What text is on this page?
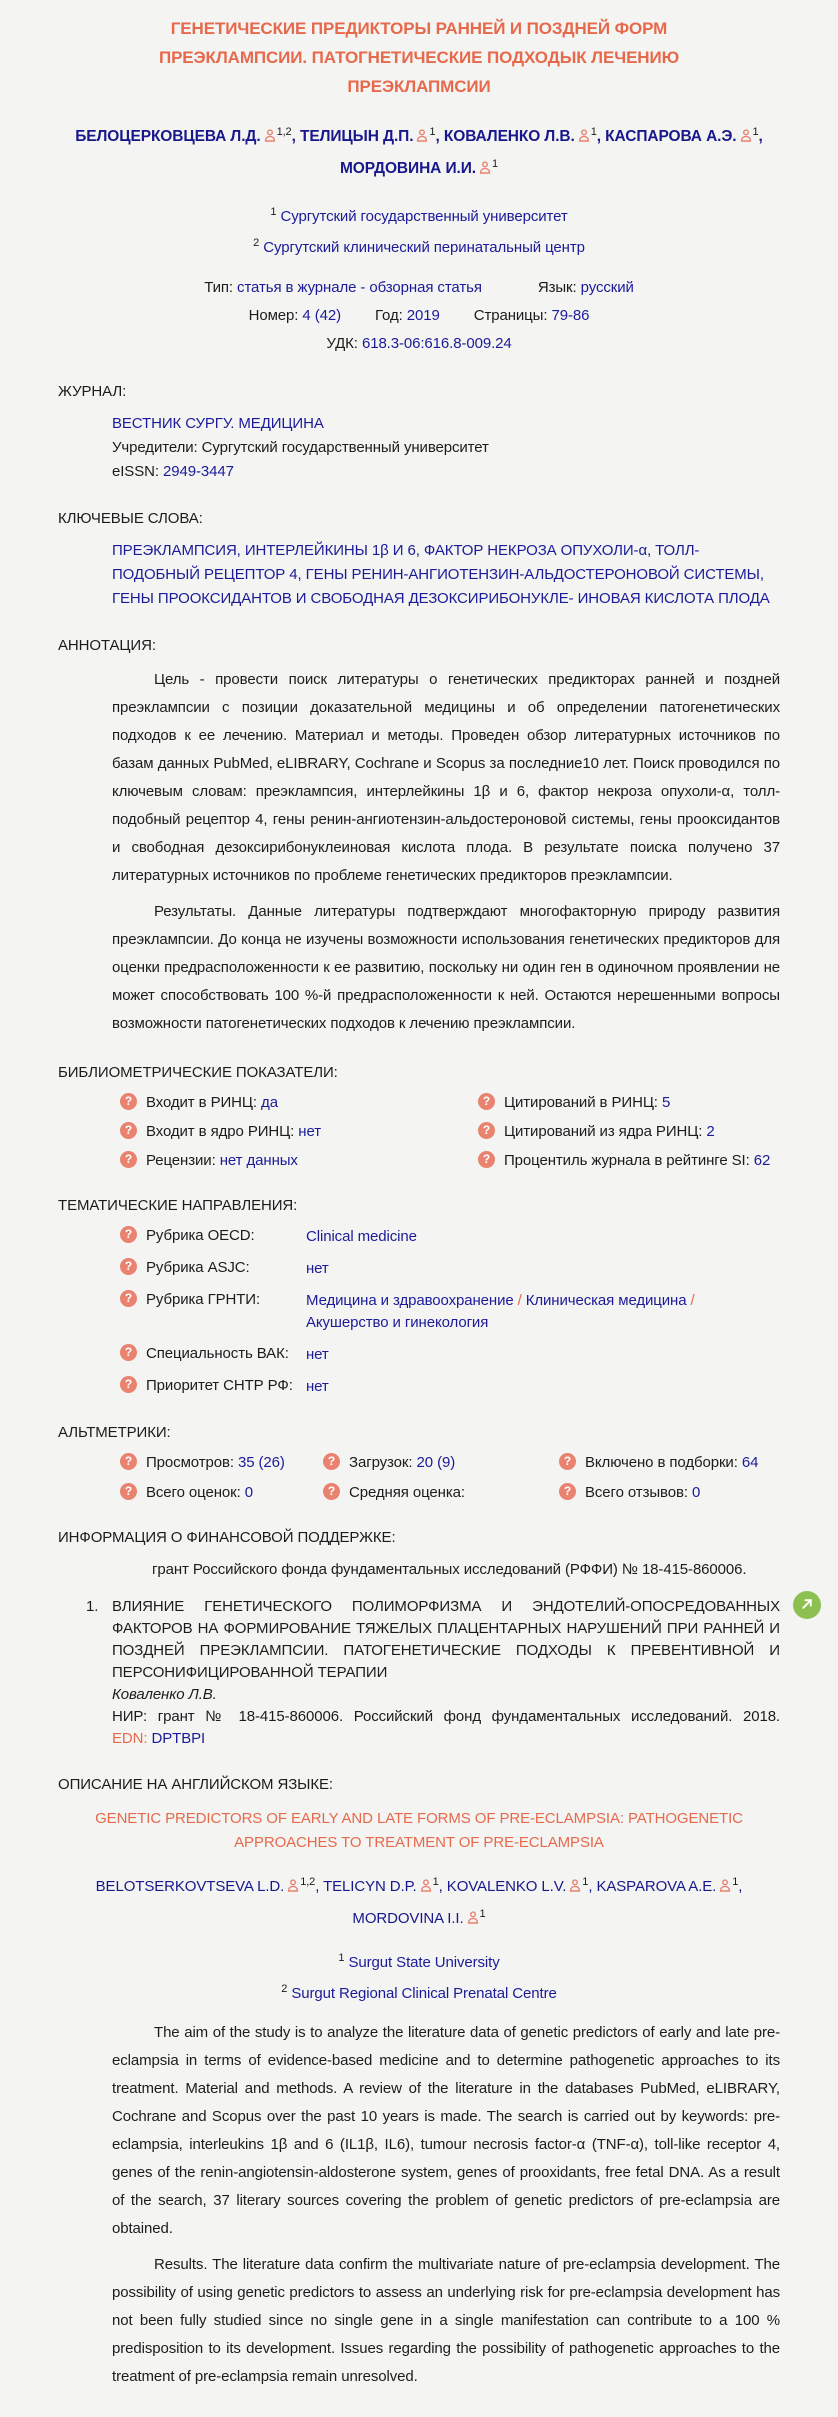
ГЕНЕТИЧЕСКИЕ ПРЕДИКТОРЫ РАННЕЙ И ПОЗДНЕЙ ФОРМ ПРЕЭКЛАМПСИИ. ПАТОГНЕТИЧЕСКИЕ ПОДХОДЫК ЛЕЧЕНИЮ ПРЕЭКЛАПМСИИ
БЕЛОЦЕРКОВЦЕВА Л.Д. $^{1,2}$, ТЕЛИЦЫН Д.П. $^1$, КОВАЛЕНКО Л.В. $^1$, КАСПАРОВА А.Э. $^1$, МОРДОВИНА И.И. $^1$
$^1$ Сургутский государственный университет
$^2$ Сургутский клинический перинатальный центр
Тип: статья в журнале - обзорная статья	Язык: русский
Номер: 4 (42) Год: 2019 Страницы: 79-86
УДК: 618.3-06:616.8-009.24
ЖУРНАЛ:
ВЕСТНИК СУРГУ. МЕДИЦИНА
Учредители: Сургутский государственный университет
eISSN: 2949-3447
КЛЮЧЕВЫЕ СЛОВА:
ПРЕЭКЛАМПСИЯ, ИНТЕРЛЕЙКИНЫ 1β И 6, ФАКТОР НЕКРОЗА ОПУХОЛИ-α, ТОЛЛ-ПОДОБНЫЙ РЕЦЕПТОР 4, ГЕНЫ РЕНИН-АНГИОТЕНЗИН-АЛЬДОСТЕРОНОВОЙ СИСТЕМЫ, ГЕНЫ ПРООКСИДАНТОВ И СВОБОДНАЯ ДЕЗОКСИРИБОНУКЛЕ- ИНОВАЯ КИСЛОТА ПЛОДА
АННОТАЦИЯ:

Цель - провести поиск литературы о генетических предикторах ранней и поздней преэклампсии с позиции доказательной медицины и об определении патогенетических подходов к ее лечению. Материал и методы. Проведен обзор литературных источников по базам данных PubMed, eLIBRARY, Cochrane и Scopus за последние10 лет. Поиск проводился по ключевым словам: преэклампсия, интерлейкины 1β и 6, фактор некроза опухоли-α, толл-подобный рецептор 4, гены ренин-ангиотензин-альдостероновой системы, гены прооксидантов и свободная дезоксирибонуклеиновая кислота плода. В результате поиска получено 37 литературных источников по проблеме генетических предикторов преэклампсии.

Результаты. Данные литературы подтверждают многофакторную природу развития преэклампсии. До конца не изучены возможности использования генетических предикторов для оценки предрасположенности к ее развитию, поскольку ни один ген в одиночном проявлении не может способствовать 100 %-й предрасположенности к ней. Остаются нерешенными вопросы возможности патогенетических подходов к лечению преэклампсии.

БИБЛИОМЕТРИЧЕСКИЕ ПОКАЗАТЕЛИ:
? Входит в РИНЦ: да	? Цитирований в РИНЦ: 5
? Входит в ядро РИНЦ: нет	? Цитирований из ядра РИНЦ: 2
? Рецензии: нет данных	? Процентиль журнала в рейтинге SI: 62
ТЕМАТИЧЕСКИЕ НАПРАВЛЕНИЯ:
? Рубрика OECD:	Clinical medicine
? Рубрика ASJC:	нет
? Рубрика ГРНТИ:	Медицина и здравоохранение / Клиническая медицина /Акушерство и гинекология
? Специальность ВАК:	нет
? Приоритет СНТР РФ: нет
АЛЬТМЕТРИКИ:
? Просмотров: 35 (26)	? Загрузок: 20 (9)	? Включено в подборки: 64
? Всего оценок: 0	? Средняя оценка:	? Всего отзывов: 0
ИНФОРМАЦИЯ О ФИНАНСОВОЙ ПОДДЕРЖКЕ:
грант Российского фонда фундаментальных исследований (РФФИ) № 18-415-860006.
1. ВЛИЯНИЕ ГЕНЕТИЧЕСКОГО ПОЛИМОРФИЗМА И ЭНДОТЕЛИЙ-ОПОСРЕДОВАННЫХ ФАКТОРОВ НА ФОРМИРОВАНИЕ ТЯЖЕЛЫХ ПЛАЦЕНТАРНЫХ НАРУШЕНИЙ ПРИ РАННЕЙ И ПОЗДНЕЙ ПРЕЭКЛАМПСИИ. ПАТОГЕНЕТИЧЕСКИЕ ПОДХОДЫ К ПРЕВЕНТИВНОЙ И ПЕРСОНИФИЦИРОВАННОЙ ТЕРАПИИ

Коваленко Л.В.
НИР: грант № 18-415-860006. Российский фонд фундаментальных исследований. 2018.
EDN: DPTBPI
ОПИСАНИЕ НА АНГЛИЙСКОМ ЯЗЫКЕ:
GENETIC PREDICTORS OF EARLY AND LATE FORMS OF PRE-ECLAMPSIA: PATHOGENETIC APPROACHES TO TREATMENT OF PRE-ECLAMPSIA
BELOTSERKOVTSEVA L.D. $^{1,2}$, TELICYN D.P. $^1$, KOVALENKO L.V. $^1$, KASPAROVA A.E. $^1$, MORDOVINA I.I. $^1$
$^1$ Surgut State University
$^2$ Surgut Regional Clinical Prenatal Centre

The aim of the study is to analyze the literature data of genetic predictors of early and late pre-eclampsia in terms of evidence-based medicine and to determine pathogenetic approaches to its treatment. Material and methods. A review of the literature in the databases PubMed, eLIBRARY, Cochrane and Scopus over the past 10 years is made. The search is carried out by keywords: pre-eclampsia, interleukins 1β and 6 (IL1β, IL6), tumour necrosis factor-α (TNF-α), toll-like receptor 4, genes of the renin-angiotensin-aldosterone system, genes of prooxidants, free fetal DNA. As a result of the search, 37 literary sources covering the problem of genetic predictors of pre-eclampsia are obtained.

Results. The literature data confirm the multivariate nature of pre-eclampsia development. The possibility of using genetic predictors to assess an underlying risk for pre-eclampsia development has not been fully studied since no single gene in a single manifestation can contribute to a 100 % predisposition to its development. Issues regarding the possibility of pathogenetic approaches to the treatment of pre-eclampsia remain unresolved.
